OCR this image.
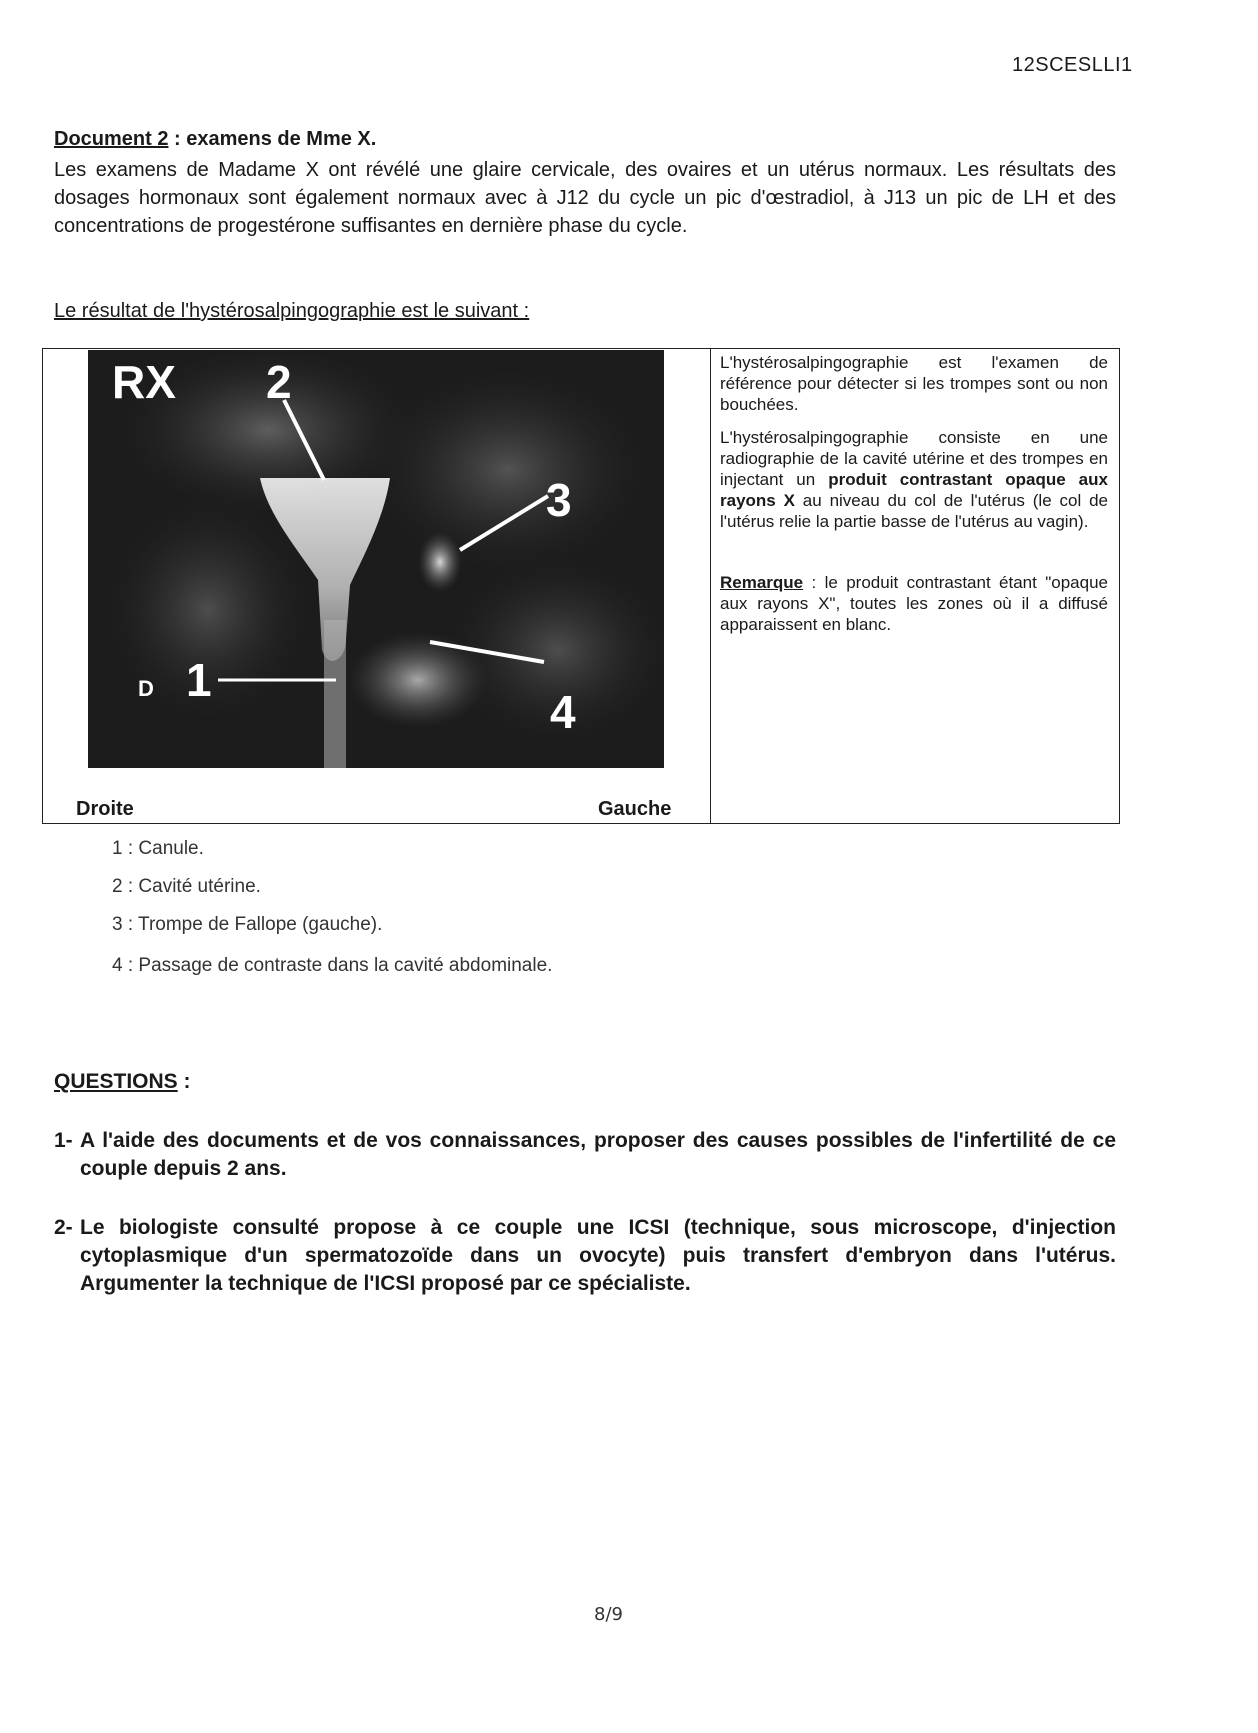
12SCESLLI1
Document 2 : examens de Mme X.
Les examens de Madame X ont révélé une glaire cervicale, des ovaires et un utérus normaux. Les résultats des dosages hormonaux sont également normaux avec à J12 du cycle un pic d'œstradiol, à J13 un pic de LH et des concentrations de progestérone suffisantes en dernière phase du cycle.
Le résultat de l'hystérosalpingographie est le suivant :
RX 2
3
4
1
D
Droite	Gauche

L'hystérosalpingographie est l'examen de référence pour détecter si les trompes sont ou non bouchées.

L'hystérosalpingographie consiste en une radiographie de la cavité utérine et des trompes en injectant un produit contrastant opaque aux rayons X au niveau du col de l'utérus (le col de l'utérus relie la partie basse de l'utérus au vagin).

Remarque : le produit contrastant étant "opaque aux rayons X", toutes les zones où il a diffusé apparaissent en blanc.

1 : Canule.
2 : Cavité utérine.
3 : Trompe de Fallope (gauche).
4 : Passage de contraste dans la cavité abdominale.
QUESTIONS :
1- A l'aide des documents et de vos connaissances, proposer des causes possibles de l'infertilité de ce couple depuis 2 ans.
2- Le biologiste consulté propose à ce couple une ICSI (technique, sous microscope, d'injection cytoplasmique d'un spermatozoïde dans un ovocyte) puis transfert d'embryon dans l'utérus. Argumenter la technique de l'ICSI proposé par ce spécialiste.
8/9
